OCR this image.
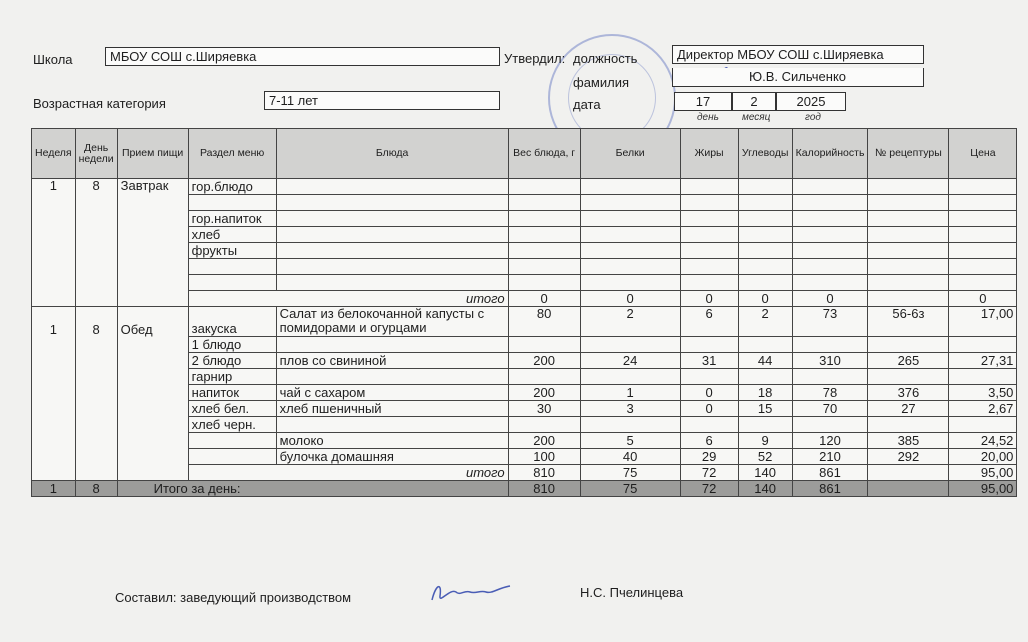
Школа	МБОУ СОШ с.Ширяевка
Возрастная категория	7-11 лет
Утвердил: должность	Директор МБОУ СОШ с.Ширяевка
фамилия	Ю.В. Сильченко
дата	17	2	2025
день месяц	год
Неделя	День недели	Прием пищи	Раздел меню	Блюда	Вес блюда, г	Белки	Жиры	Углеводы	Калорийность	№ рецептуры	Цена
1	8	Завтрак	гор.блюдо								

			гор.напиток								
			хлеб								
			фрукты								

			итого		0	0	0	0	0		0
1	8	Обед	закуска	Салат из белокочанной капусты с помидорами и огурцами	80	2	6	2	73	56-6з	17,00
			1 блюдо								
			2 блюдо	плов со свининой	200	24	31	44	310	265	27,31
			гарнир								
			напиток	чай с сахаром	200	1	0	18	78	376	3,50
			хлеб бел.	хлеб пшеничный	30	3	0	15	70	27	2,67
			хлеб черн.								
				молоко	200	5	6	9	120	385	24,52
				булочка домашняя	100	40	29	52	210	292	20,00
			итого		810	75	72	140	861		95,00
1	8	Итого за день:			810	75	72	140	861		95,00
Составил: заведующий производством	Н.С. Пчелинцева
